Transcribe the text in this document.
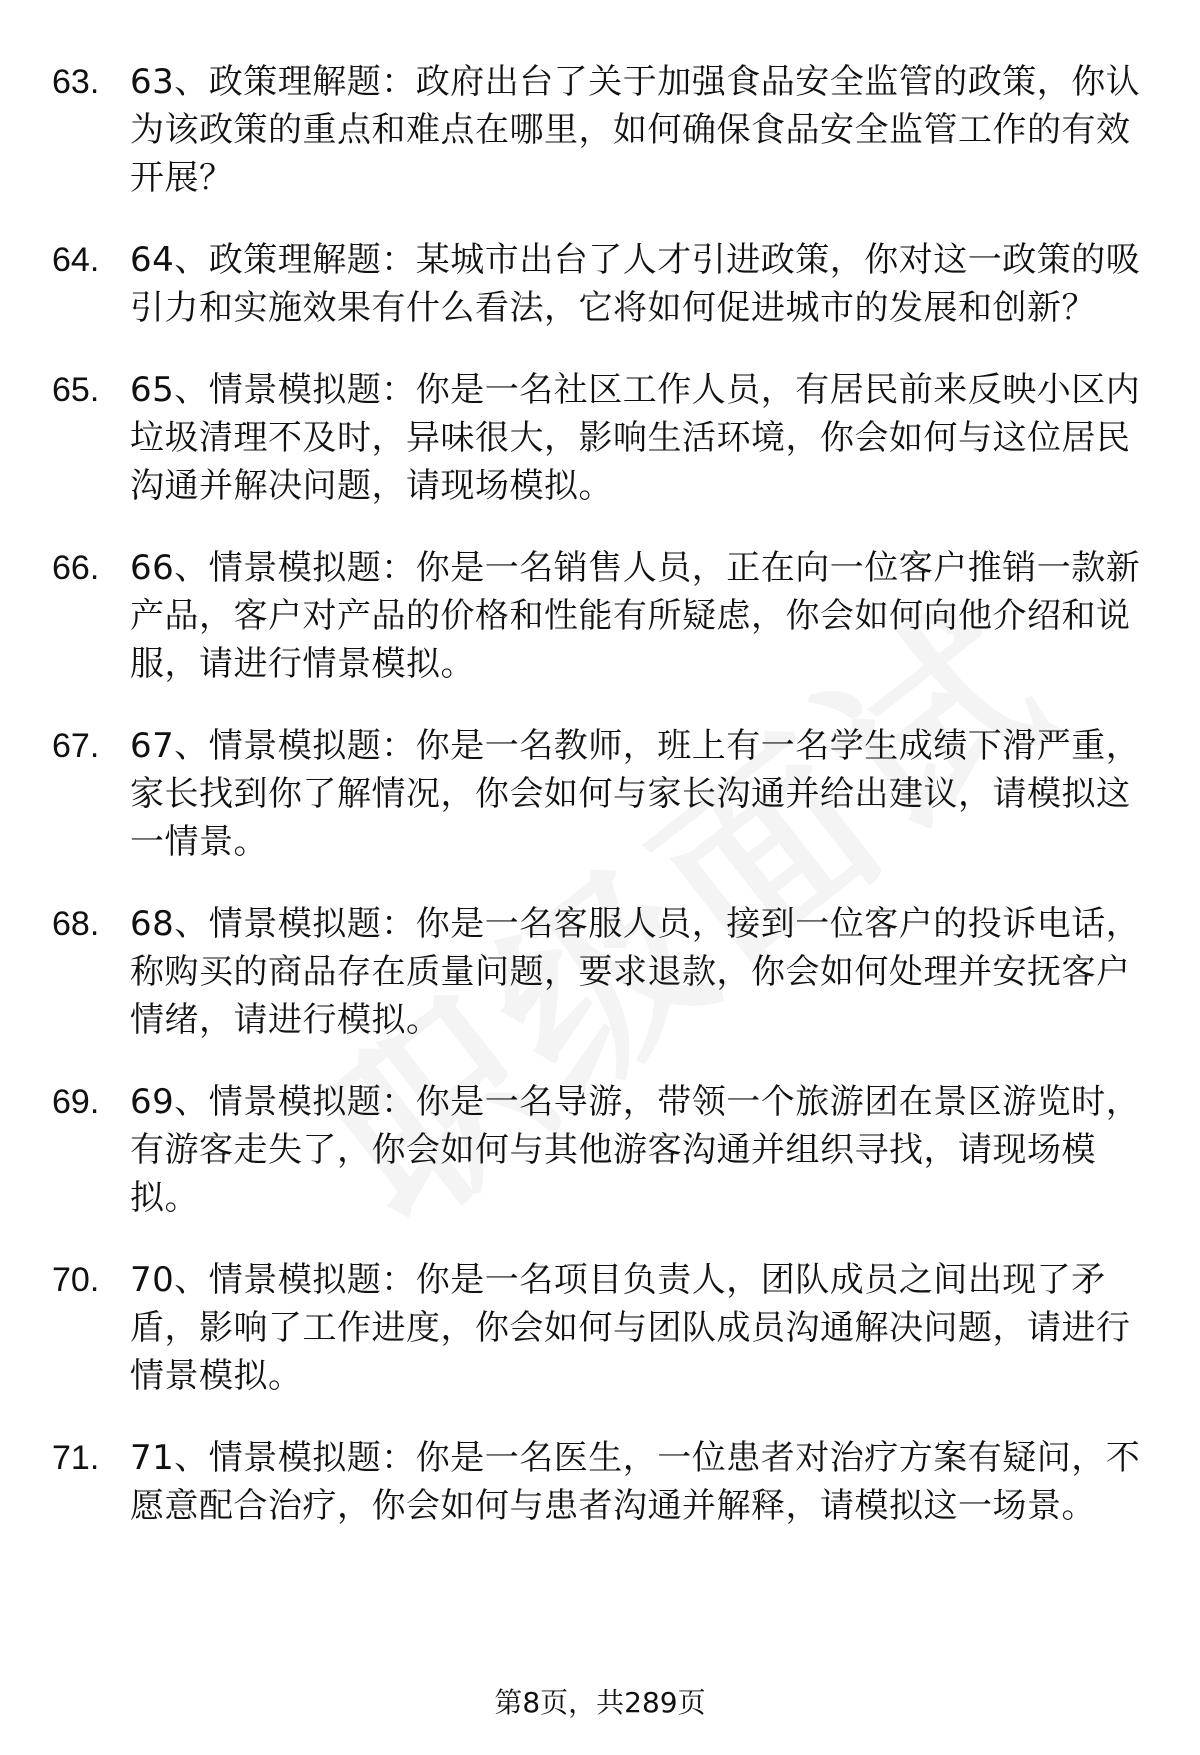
63. 63、政策理解题：政府出台了关于加强食品安全监管的政策，你认为该政策的重点和难点在哪里，如何确保食品安全监管工作的有效开展？
64. 64、政策理解题：某城市出台了人才引进政策，你对这一政策的吸引力和实施效果有什么看法，它将如何促进城市的发展和创新？
65. 65、情景模拟题：你是一名社区工作人员，有居民前来反映小区内垃圾清理不及时，异味很大，影响生活环境，你会如何与这位居民沟通并解决问题，请现场模拟。
66. 66、情景模拟题：你是一名销售人员，正在向一位客户推销一款新产品，客户对产品的价格和性能有所疑虑，你会如何向他介绍和说服，请进行情景模拟。
67. 67、情景模拟题：你是一名教师，班上有一名学生成绩下滑严重，家长找到你了解情况，你会如何与家长沟通并给出建议，请模拟这一情景。
68. 68、情景模拟题：你是一名客服人员，接到一位客户的投诉电话，称购买的商品存在质量问题，要求退款，你会如何处理并安抚客户情绪，请进行模拟。
69. 69、情景模拟题：你是一名导游，带领一个旅游团在景区游览时，有游客走失了，你会如何与其他游客沟通并组织寻找，请现场模拟。
70. 70、情景模拟题：你是一名项目负责人，团队成员之间出现了矛盾，影响了工作进度，你会如何与团队成员沟通解决问题，请进行情景模拟。
71. 71、情景模拟题：你是一名医生，一位患者对治疗方案有疑问，不愿意配合治疗，你会如何与患者沟通并解释，请模拟这一场景。
第8页，共289页
